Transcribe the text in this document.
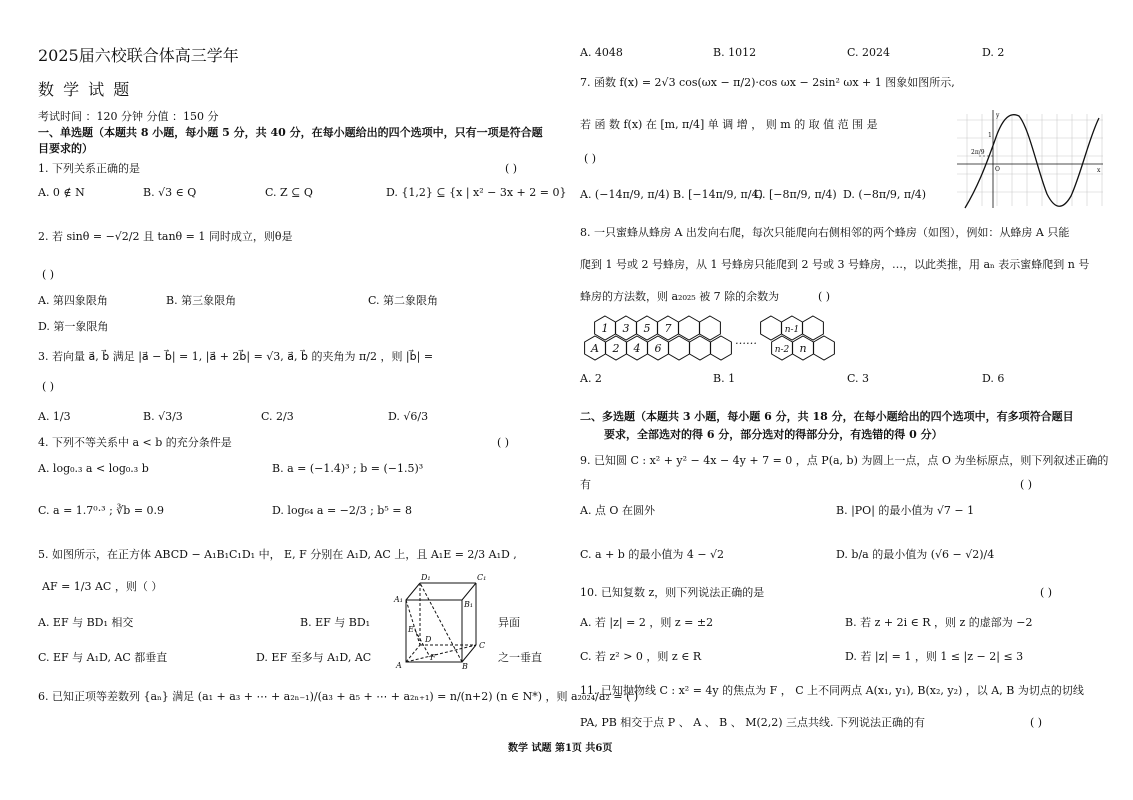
2025届六校联合体高三学年
数 学 试 题
考试时间 ：120 分钟 分值 ：150 分
一、单选题（本题共 8 小题，每小题 5 分，共 40 分，在每小题给出的四个选项中，只有一项是符合题
目要求的）
1. 下列关系正确的是	( )
A. 0 ∉ N	B. √3 ∈ Q	C. Z ⊆ Q	D. {1,2} ⊆ {x | x² − 3x + 2 = 0}
2. 若 sinθ = −√2/2 且 tanθ = 1 同时成立，则θ是
( )
A. 第四象限角	B. 第三象限角	C. 第二象限角
D. 第一象限角
3. 若向量 a⃗, b⃗ 满足 |a⃗ − b⃗| = 1, |a⃗ + 2b⃗| = √3, a⃗, b⃗ 的夹角为 π/2 ，则 |b⃗| =
( )
A. 1/3	B. √3/3	C. 2/3	D. √6/3
4. 下列不等关系中 a < b 的充分条件是	( )
A. log₀.₃ a < log₀.₃ b	B. a = (−1.4)³ ; b = (−1.5)³
C. a = 1.7⁰·³ ; ∛b = 0.9	D. log₆₄ a = −2/3 ; b⁵ = 8
5. 如图所示，在正方体 ABCD − A₁B₁C₁D₁ 中， E, F 分别在 A₁D, AC 上，且 A₁E = 2/3 A₁D ,
AF = 1/3 AC ，则（ ）
A. EF 与 BD₁ 相交	B. EF 与 BD₁	异面
C. EF 与 A₁D, AC 都垂直	D. EF 至多与 A₁D, AC	之一垂直
A	B
C
D
A₁
B₁
C₁
D₁
E
F
6. 已知正项等差数列 {aₙ} 满足 (a₁ + a₃ + ⋯ + a₂ₙ₋₁)/(a₃ + a₅ + ⋯ + a₂ₙ₊₁) = n/(n+2) (n ∈ N*) ，则 a₂₀₂₄/a₂ = ( )
A. 4048	B. 1012	C. 2024	D. 2
7. 函数 f(x) = 2√3 cos(ωx − π/2)·cos ωx − 2sin² ωx + 1 图象如图所示,
若 函 数 f(x) 在 [m, π/4] 单 调 增 ， 则 m 的 取 值 范 围 是
( )
A. (−14π/9, π/4) B. [−14π/9, π/4)
C. [−8π/9, π/4) D. (−8π/9, π/4)
y
x
1
O
2π/9
8. 一只蜜蜂从蜂房 A 出发向右爬，每次只能爬向右侧相邻的两个蜂房（如图），例如：从蜂房 A 只能
爬到 1 号或 2 号蜂房，从 1 号蜂房只能爬到 2 号或 3 号蜂房，…，以此类推，用 aₙ 表示蜜蜂爬到 n 号
蜂房的方法数，则 a₂₀₂₅ 被 7 除的余数为	( )
1 3 5 7
A 2 4 6
……
n-1
n-2 n
A. 2	B. 1	C. 3	D. 6
二、多选题（本题共 3 小题，每小题 6 分，共 18 分，在每小题给出的四个选项中，有多项符合题目
要求，全部选对的得 6 分，部分选对的得部分分，有选错的得 0 分）
9. 已知圆 C : x² + y² − 4x − 4y + 7 = 0 ，点 P(a, b) 为圆上一点，点 O 为坐标原点，则下列叙述正确的
有	( )
A. 点 O 在圆外	B. |PO| 的最小值为 √7 − 1
C. a + b 的最小值为 4 − √2	D. b/a 的最小值为 (√6 − √2)/4
10. 已知复数 z，则下列说法正确的是	( )
A. 若 |z| = 2 ，则 z = ±2	B. 若 z + 2i ∈ R ，则 z 的虚部为 −2
C. 若 z² > 0 ，则 z ∈ R	D. 若 |z| = 1 ，则 1 ≤ |z − 2| ≤ 3
11. 已知抛物线 C : x² = 4y 的焦点为 F ， C 上不同两点 A(x₁, y₁), B(x₂, y₂) ，以 A, B 为切点的切线
PA, PB 相交于点 P 、 A 、 B 、 M(2,2) 三点共线. 下列说法正确的有	( )
数学 试题 第1页 共6页
